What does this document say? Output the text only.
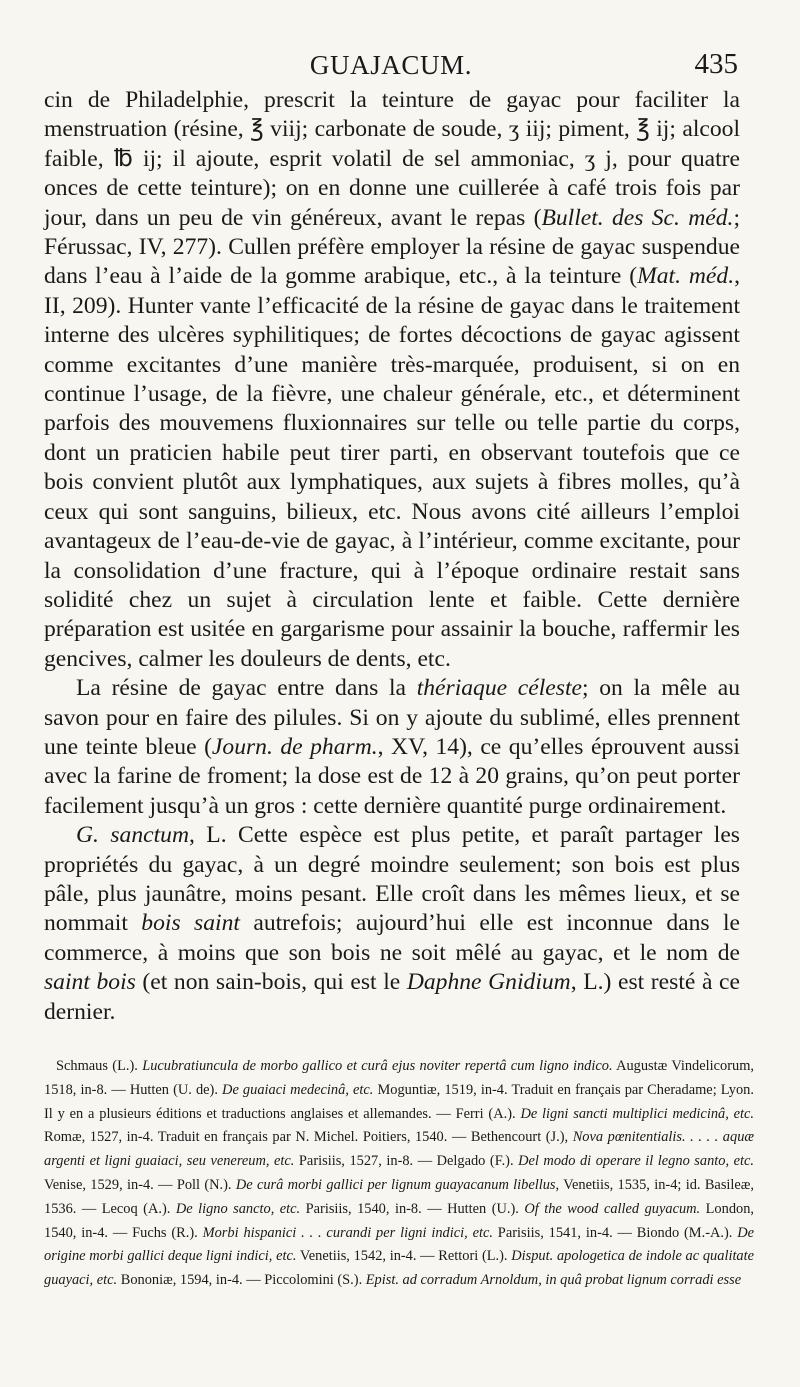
GUAJACUM.	435

cin de Philadelphie, prescrit la teinture de gayac pour faciliter la menstruation (résine, ℥ viij; carbonate de soude, ʒ iij; piment, ℥ ij; alcool faible, ℔ ij; il ajoute, esprit volatil de sel ammoniac, ʒ j, pour quatre onces de cette teinture); on en donne une cuillerée à café trois fois par jour, dans un peu de vin généreux, avant le repas (Bullet. des Sc. méd.; Férussac, IV, 277). Cullen préfère employer la résine de gayac suspendue dans l’eau à l’aide de la gomme arabique, etc., à la teinture (Mat. méd., II, 209). Hunter vante l’efficacité de la résine de gayac dans le traitement interne des ulcères syphilitiques; de fortes décoctions de gayac agissent comme excitantes d’une manière très-marquée, produisent, si on en continue l’usage, de la fièvre, une chaleur générale, etc., et déterminent parfois des mouvemens fluxionnaires sur telle ou telle partie du corps, dont un praticien habile peut tirer parti, en observant toutefois que ce bois convient plutôt aux lymphatiques, aux sujets à fibres molles, qu’à ceux qui sont sanguins, bilieux, etc. Nous avons cité ailleurs l’emploi avantageux de l’eau-de-vie de gayac, à l’intérieur, comme excitante, pour la consolidation d’une fracture, qui à l’époque ordinaire restait sans solidité chez un sujet à circulation lente et faible. Cette dernière préparation est usitée en gargarisme pour assainir la bouche, raffermir les gencives, calmer les douleurs de dents, etc.

La résine de gayac entre dans la thériaque céleste; on la mêle au savon pour en faire des pilules. Si on y ajoute du sublimé, elles prennent une teinte bleue (Journ. de pharm., XV, 14), ce qu’elles éprouvent aussi avec la farine de froment; la dose est de 12 à 20 grains, qu’on peut porter facilement jusqu’à un gros : cette dernière quantité purge ordinairement.

G. sanctum, L. Cette espèce est plus petite, et paraît partager les propriétés du gayac, à un degré moindre seulement; son bois est plus pâle, plus jaunâtre, moins pesant. Elle croît dans les mêmes lieux, et se nommait bois saint autrefois; aujourd’hui elle est inconnue dans le commerce, à moins que son bois ne soit mêlé au gayac, et le nom de saint bois (et non sain-bois, qui est le Daphne Gnidium, L.) est resté à ce dernier.

Schmaus (L.). Lucubratiuncula de morbo gallico et curâ ejus noviter repertâ cum ligno indico. Augustæ Vindelicorum, 1518, in-8. — Hutten (U. de). De guaiaci medecinâ, etc. Moguntiæ, 1519, in-4. Traduit en français par Cheradame; Lyon. Il y en a plusieurs éditions et traductions anglaises et allemandes. — Ferri (A.). De ligni sancti multiplici medicinâ, etc. Romæ, 1527, in-4. Traduit en français par N. Michel. Poitiers, 1540. — Bethencourt (J.), Nova pœnitentialis. . . . . aquæ argenti et ligni guaiaci, seu venereum, etc. Parisiis, 1527, in-8. — Delgado (F.). Del modo di operare il legno santo, etc. Venise, 1529, in-4. — Poll (N.). De curâ morbi gallici per lignum guayacanum libellus, Venetiis, 1535, in-4; id. Basileæ, 1536. — Lecoq (A.). De ligno sancto, etc. Parisiis, 1540, in-8. — Hutten (U.). Of the wood called guyacum. London, 1540, in-4. — Fuchs (R.). Morbi hispanici . . . curandi per ligni indici, etc. Parisiis, 1541, in-4. — Biondo (M.-A.). De origine morbi gallici deque ligni indici, etc. Venetiis, 1542, in-4. — Rettori (L.). Disput. apologetica de indole ac qualitate guayaci, etc. Bononiæ, 1594, in-4. — Piccolomini (S.). Epist. ad corradum Arnoldum, in quâ probat lignum corradi esse
